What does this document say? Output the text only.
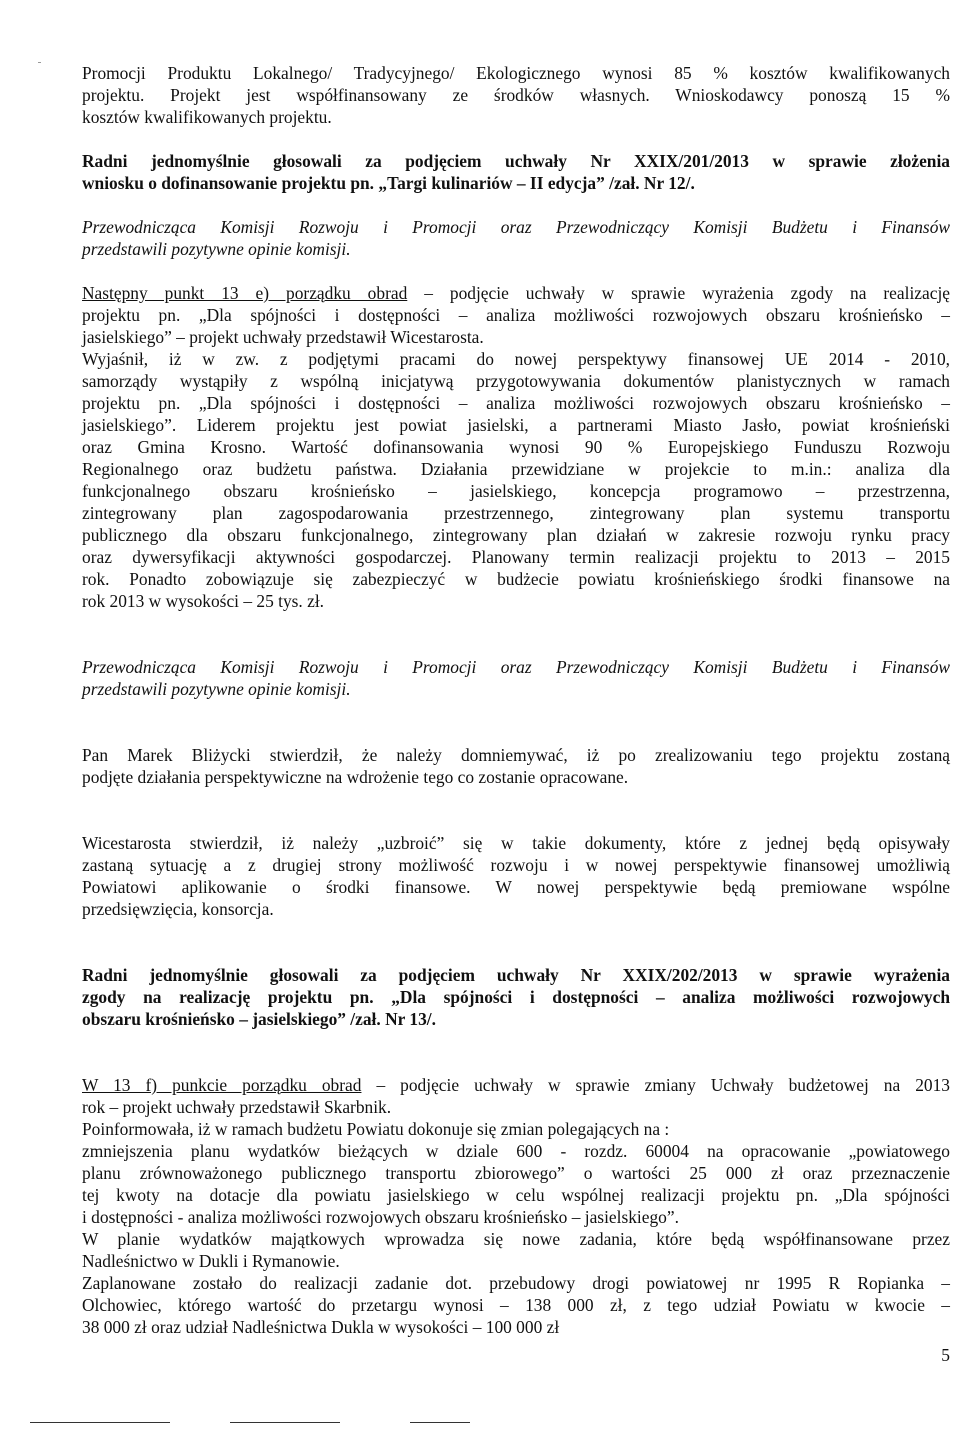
Promocji Produktu Lokalnego/ Tradycyjnego/ Ekologicznego wynosi 85 % kosztów kwalifikowanych
projektu. Projekt jest współfinansowany ze środków własnych. Wnioskodawcy ponoszą 15 %
kosztów kwalifikowanych projektu.
Radni jednomyślnie głosowali za podjęciem uchwały Nr XXIX/201/2013 w sprawie złożenia
wniosku o dofinansowanie projektu pn. „Targi kulinariów – II edycja” /zał. Nr 12/.
Przewodnicząca Komisji Rozwoju i Promocji oraz Przewodniczący Komisji Budżetu i Finansów
przedstawili pozytywne opinie komisji.
Następny punkt 13 e) porządku obrad – podjęcie uchwały w sprawie wyrażenia zgody na realizację
projektu pn. „Dla spójności i dostępności – analiza możliwości rozwojowych obszaru krośnieńsko –
jasielskiego” – projekt uchwały przedstawił Wicestarosta.
Wyjaśnił, iż w zw. z podjętymi pracami do nowej perspektywy finansowej UE 2014 - 2010,
samorządy wystąpiły z wspólną inicjatywą przygotowywania dokumentów planistycznych w ramach
projektu pn. „Dla spójności i dostępności – analiza możliwości rozwojowych obszaru krośnieńsko –
jasielskiego”. Liderem projektu jest powiat jasielski, a partnerami Miasto Jasło, powiat krośnieński
oraz Gmina Krosno. Wartość dofinansowania wynosi 90 % Europejskiego Funduszu Rozwoju
Regionalnego oraz budżetu państwa. Działania przewidziane w projekcie to m.in.: analiza dla
funkcjonalnego obszaru krośnieńsko – jasielskiego, koncepcja programowo – przestrzenna,
zintegrowany plan zagospodarowania przestrzennego, zintegrowany plan systemu transportu
publicznego dla obszaru funkcjonalnego, zintegrowany plan działań w zakresie rozwoju rynku pracy
oraz dywersyfikacji aktywności gospodarczej. Planowany termin realizacji projektu to 2013 – 2015
rok. Ponadto zobowiązuje się zabezpieczyć w budżecie powiatu krośnieńskiego środki finansowe na
rok 2013 w wysokości – 25 tys. zł.
Przewodnicząca Komisji Rozwoju i Promocji oraz Przewodniczący Komisji Budżetu i Finansów
przedstawili pozytywne opinie komisji.
Pan Marek Bliżycki stwierdził, że należy domniemywać, iż po zrealizowaniu tego projektu zostaną
podjęte działania perspektywiczne na wdrożenie tego co zostanie opracowane.
Wicestarosta stwierdził, iż należy „uzbroić” się w takie dokumenty, które z jednej będą opisywały
zastaną sytuację a z drugiej strony możliwość rozwoju i w nowej perspektywie finansowej umożliwią
Powiatowi aplikowanie o środki finansowe. W nowej perspektywie będą premiowane wspólne
przedsięwzięcia, konsorcja.
Radni jednomyślnie głosowali za podjęciem uchwały Nr XXIX/202/2013 w sprawie wyrażenia
zgody na realizację projektu pn. „Dla spójności i dostępności – analiza możliwości rozwojowych
obszaru krośnieńsko – jasielskiego” /zał. Nr 13/.
W 13 f) punkcie porządku obrad – podjęcie uchwały w sprawie zmiany Uchwały budżetowej na 2013
rok – projekt uchwały przedstawił Skarbnik.
Poinformowała, iż w ramach budżetu Powiatu dokonuje się zmian polegających na :
zmniejszenia planu wydatków bieżących w dziale 600 - rozdz. 60004 na opracowanie „powiatowego
planu zrównoważonego publicznego transportu zbiorowego” o wartości 25 000 zł oraz przeznaczenie
tej kwoty na dotacje dla powiatu jasielskiego w celu wspólnej realizacji projektu pn. „Dla spójności
i dostępności - analiza możliwości rozwojowych obszaru krośnieńsko – jasielskiego”.
W planie wydatków majątkowych wprowadza się nowe zadania, które będą współfinansowane przez
Nadleśnictwo w Dukli i Rymanowie.
Zaplanowane zostało do realizacji zadanie dot. przebudowy drogi powiatowej nr 1995 R Ropianka –
Olchowiec, którego wartość do przetargu wynosi – 138 000 zł, z tego udział Powiatu w kwocie –
38 000 zł oraz udział Nadleśnictwa Dukla w wysokości – 100 000 zł
5
